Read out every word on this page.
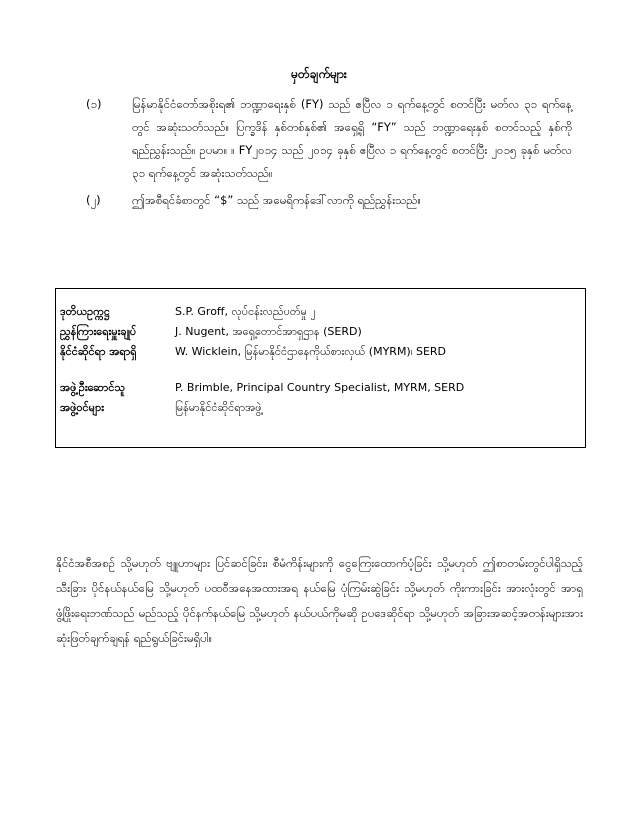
မှတ်ချက်များ
(၁)	မြန်မာနိုင်ငံတော်အစိုးရ၏ ဘဏ္ဍာရေးနှစ် (FY) သည် ဧပြီလ ၁ ရက်နေ့တွင် စတင်ပြီး မတ်လ ၃၁ ရက်နေ့တွင် အဆုံးသတ်သည်။ ပြက္ခဒိန် နှစ်တစ်နှစ်၏ အရှေ့ရှိ “FY” သည် ဘဏ္ဍာရေးနှစ် စတင်သည့် နှစ်ကို ရည်ညွှန်းသည်။ ဥပမာ။ ။ FY၂၀၁၄ သည် ၂၀၁၄ ခုနှစ် ဧပြီလ ၁ ရက်နေ့တွင် စတင်ပြီး ၂၀၁၅ ခုနှစ် မတ်လ ၃၁ ရက်နေ့တွင် အဆုံးသတ်သည်။
(၂)	ဤအစီရင်ခံစာတွင် “$” သည် အမေရိကန်ဒေါ်လာကို ရည်ညွှန်းသည်။
ဒုတိယဥက္ကဋ္ဌ	S.P. Groff, လုပ်ငန်းလည်ပတ်မှု ၂
ညွှန်ကြားရေးမှူးချုပ်	J. Nugent, အရှေ့တောင်အာရှဌာန (SERD)
နိုင်ငံဆိုင်ရာ အရာရှိ	W. Wicklein, မြန်မာနိုင်ငံဌာနေကိုယ်စားလှယ် (MYRM)၊ SERD
အဖွဲ့ဦးဆောင်သူ	P. Brimble, Principal Country Specialist, MYRM, SERD
အဖွဲ့ဝင်များ	မြန်မာနိုင်ငံဆိုင်ရာအဖွဲ့
နိုင်ငံအစီအစဉ် သို့မဟုတ် ဗျူဟာများ ပြင်ဆင်ခြင်း၊ စီမံကိန်းများကို ငွေကြေးထောက်ပံ့ခြင်း သို့မဟုတ် ဤစာတမ်းတွင်ပါရှိသည့် သီးခြား ပိုင်နယ်နယ်မြေ သို့မဟုတ် ပထဝီအနေအထားအရ နယ်မြေ ပုံကြမ်းဆွဲခြင်း သို့မဟုတ် ကိုးကားခြင်း အားလုံးတွင် အာရှဖွံ့ဖြိုးရေးဘဏ်သည် မည်သည့် ပိုင်နက်နယ်မြေ သို့မဟုတ် နယ်ပယ်ကိုမဆို ဥပဒေဆိုင်ရာ သို့မဟုတ် အခြားအဆင့်အတန်းများအား ဆုံးဖြတ်ချက်ချရန် ရည်ရွယ်ခြင်းမရှိပါ။
